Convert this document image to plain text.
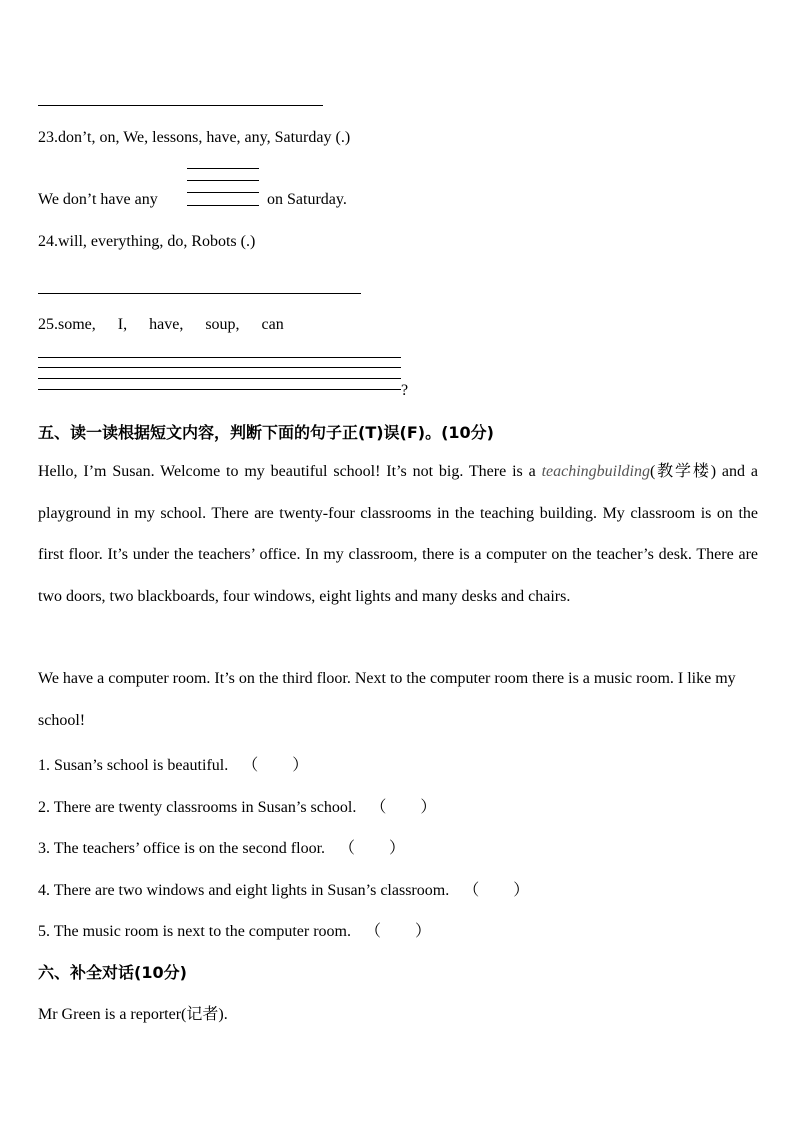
23.don’t, on, We, lessons, have, any, Saturday (.)
We don’t have any	on Saturday.
24.will, everything, do, Robots (.)
25.some, I, have, soup, can
?
五、读一读根据短文内容，判断下面的句子正(T)误(F)。(10分)
Hello, I’m Susan. Welcome to my beautiful school! It’s not big. There is a teachingbuilding(教学楼) and a playground in my school. There are twenty-four classrooms in the teaching building. My classroom is on the first floor. It’s under the teachers’ office. In my classroom, there is a computer on the teacher’s desk. There are two doors, two blackboards, four windows, eight lights and many desks and chairs.
We have a computer room. It’s on the third floor. Next to the computer room there is a music room. I like my school!
1. Susan’s school is beautiful. （ ）
2. There are twenty classrooms in Susan’s school. （ ）
3. The teachers’ office is on the second floor. （ ）
4. There are two windows and eight lights in Susan’s classroom. （ ）
5. The music room is next to the computer room. （ ）
六、补全对话(10分)
Mr Green is a reporter(记者).
